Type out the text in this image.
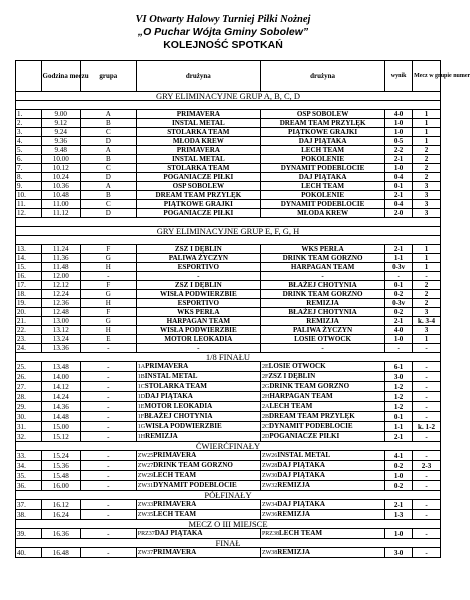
VI Otwarty Halowy Turniej Piłki Nożnej
„O Puchar Wójta Gminy Sobolew”
KOLEJNOŚĆ SPOTKAŃ
	Godzina meczu	grupa	drużyna	drużyna	wynik	Mecz w grupie numer
GRY ELIMINACYJNE GRUP A, B, C, D						

1.	9.00	A	PRIMAVERA	OSP SOBOLEW	4-0	1
2.	9.12	B	INSTAL METAL	DREAM TEAM PRZYLĘK	1-0	1
3.	9.24	C	STOLARKA TEAM	PIĄTKOWE GRAJKI	1-0	1
4.	9.36	D	MŁODA KREW	DAJ PIĄTAKA	0-5	1
5.	9.48	A	PRIMAVERA	LECH TEAM	2-2	2
6.	10.00	B	INSTAL METAL	POKOLENIE	2-1	2
7.	10.12	C	STOLARKA TEAM	DYNAMIT PODEBLOCIE	1-0	2
8.	10.24	D	POGANIACZE PIŁKI	DAJ PIĄTAKA	0-4	2
9.	10.36	A	OSP SOBOLEW	LECH TEAM	0-1	3
10.	10.48	B	DREAM TEAM PRZYLĘK	POKOLENIE	2-1	3
11.	11.00	C	PIĄTKOWE GRAJKI	DYNAMIT PODEBLOCIE	0-4	3
12.	11.12	D	POGANIACZE PIŁKI	MŁODA KREW	2-0	3

GRY ELIMINACYJNE GRUP E, F, G, H						

13.	11.24	F	ZSZ I DĘBLIN	WKS PERŁA	2-1	1
14.	11.36	G	PALIWA ŻYCZYN	DRINK TEAM GORZNO	1-1	1
15.	11.48	H	ESPORTIVO	HARPAGAN TEAM	0-3v	1
16.	12.00	-	-	-	-	-
17.	12.12	F	ZSZ I DĘBLIN	BŁAŻEJ CHOTYNIA	0-1	2
18.	12.24	G	WISŁA PODWIERZBIE	DRINK TEAM GORZNO	0-2	2
19.	12.36	H	ESPORTIVO	REMIZJA	0-3v	2
20.	12.48	F	WKS PERŁA	BŁAŻEJ CHOTYNIA	0-2	3
21.	13.00	G	HARPAGAN TEAM	REMIZJA	2-1	k. 3-4
22.	13.12	H	WISŁA PODWIERZBIE	PALIWA ŻYCZYN	4-0	3
23.	13.24	E	MOTOR LEOKADIA	LOSIE OTWOCK	1-0	1
24.	13.36	-	-	-	-	-
1/8 FINAŁU						
25.	13.48	-	1APRIMAVERA	2ELOSIE OTWOCK	6-1	-
26.	14.00	-	1BINSTAL METAL	2FZSZ I DĘBLIN	3-0	-
27.	14.12	-	1CSTOLARKA TEAM	2GDRINK TEAM GORZNO	1-2	-
28.	14.24	-	1DDAJ PIĄTAKA	2HHARPAGAN TEAM	1-2	-
29.	14.36	-	1EMOTOR LEOKADIA	2ALECH TEAM	1-2	-
30.	14.48	-	1FBŁAŻEJ CHOTYNIA	2BDREAM TEAM PRZYLĘK	0-1	-
31.	15.00	-	1GWISŁA PODWIERZBIE	2CDYNAMIT PODEBLOCIE	1-1	k. 1-2
32.	15.12	-	1HREMIZJA	2DPOGANIACZE PIŁKI	2-1	-
ĆWIERĆFINAŁY						
33.	15.24	-	ZW25PRIMAVERA	ZW26INSTAL METAL	4-1	-
34.	15.36	-	ZW27DRINK TEAM GORZNO	ZW28DAJ PIĄTAKA	0-2	2-3
35.	15.48	-	ZW29LECH TEAM	ZW30DAJ PIĄTAKA	1-0	-
36.	16.00	-	ZW31DYNAMIT PODEBLOCIE	ZW32REMIZJA	0-2	-
PÓŁFINAŁY						
37.	16.12	-	ZW33PRIMAVERA	ZW34DAJ PIĄTAKA	2-1	-
38.	16.24	-	ZW35LECH TEAM	ZW36REMIZJA	1-3	-
MECZ O III MIEJSCE						
39.	16.36	-	PRZ37DAJ PIĄTAKA	PRZ38LECH TEAM	1-0	-
FINAŁ						
40.	16.48	-	ZW37PRIMAVERA	ZW38REMIZJA	3-0	-
